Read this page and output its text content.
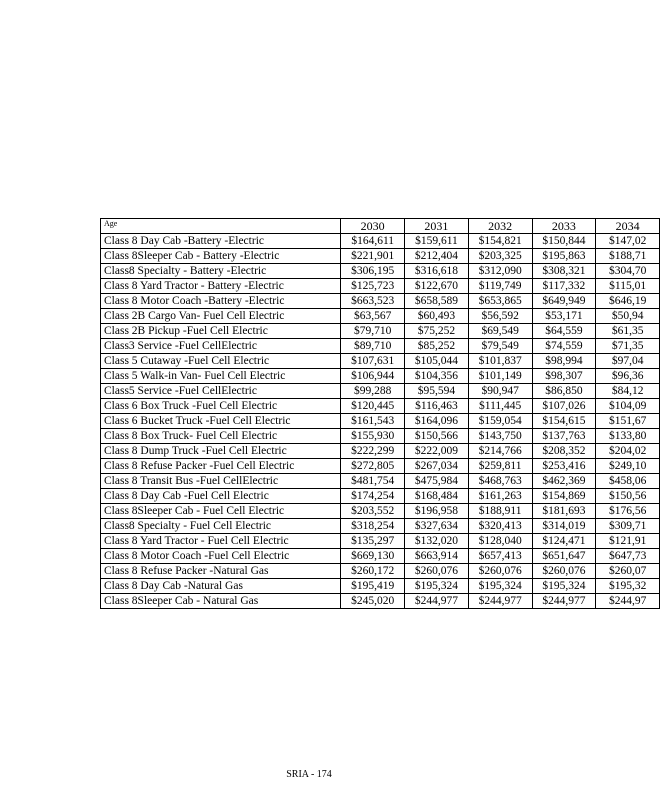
Age	2030	2031	2032	2033	2034
Class 8 Day Cab -Battery -Electric	$164,611	$159,611	$154,821	$150,844	$147,02
Class 8Sleeper Cab - Battery -Electric	$221,901	$212,404	$203,325	$195,863	$188,71
Class8 Specialty - Battery -Electric	$306,195	$316,618	$312,090	$308,321	$304,70
Class 8 Yard Tractor - Battery -Electric	$125,723	$122,670	$119,749	$117,332	$115,01
Class 8 Motor Coach -Battery -Electric	$663,523	$658,589	$653,865	$649,949	$646,19
Class 2B Cargo Van- Fuel Cell Electric	$63,567	$60,493	$56,592	$53,171	$50,94
Class 2B Pickup -Fuel Cell Electric	$79,710	$75,252	$69,549	$64,559	$61,35
Class3 Service -Fuel CellElectric	$89,710	$85,252	$79,549	$74,559	$71,35
Class 5 Cutaway -Fuel Cell Electric	$107,631	$105,044	$101,837	$98,994	$97,04
Class 5 Walk-in Van- Fuel Cell Electric	$106,944	$104,356	$101,149	$98,307	$96,36
Class5 Service -Fuel CellElectric	$99,288	$95,594	$90,947	$86,850	$84,12
Class 6 Box Truck -Fuel Cell Electric	$120,445	$116,463	$111,445	$107,026	$104,09
Class 6 Bucket Truck -Fuel Cell Electric	$161,543	$164,096	$159,054	$154,615	$151,67
Class 8 Box Truck- Fuel Cell Electric	$155,930	$150,566	$143,750	$137,763	$133,80
Class 8 Dump Truck -Fuel Cell Electric	$222,299	$222,009	$214,766	$208,352	$204,02
Class 8 Refuse Packer -Fuel Cell Electric	$272,805	$267,034	$259,811	$253,416	$249,10
Class 8 Transit Bus -Fuel CellElectric	$481,754	$475,984	$468,763	$462,369	$458,06
Class 8 Day Cab -Fuel Cell Electric	$174,254	$168,484	$161,263	$154,869	$150,56
Class 8Sleeper Cab - Fuel Cell Electric	$203,552	$196,958	$188,911	$181,693	$176,56
Class8 Specialty - Fuel Cell Electric	$318,254	$327,634	$320,413	$314,019	$309,71
Class 8 Yard Tractor - Fuel Cell Electric	$135,297	$132,020	$128,040	$124,471	$121,91
Class 8 Motor Coach -Fuel Cell Electric	$669,130	$663,914	$657,413	$651,647	$647,73
Class 8 Refuse Packer -Natural Gas	$260,172	$260,076	$260,076	$260,076	$260,07
Class 8 Day Cab -Natural Gas	$195,419	$195,324	$195,324	$195,324	$195,32
Class 8Sleeper Cab - Natural Gas	$245,020	$244,977	$244,977	$244,977	$244,97
SRIA - 174
